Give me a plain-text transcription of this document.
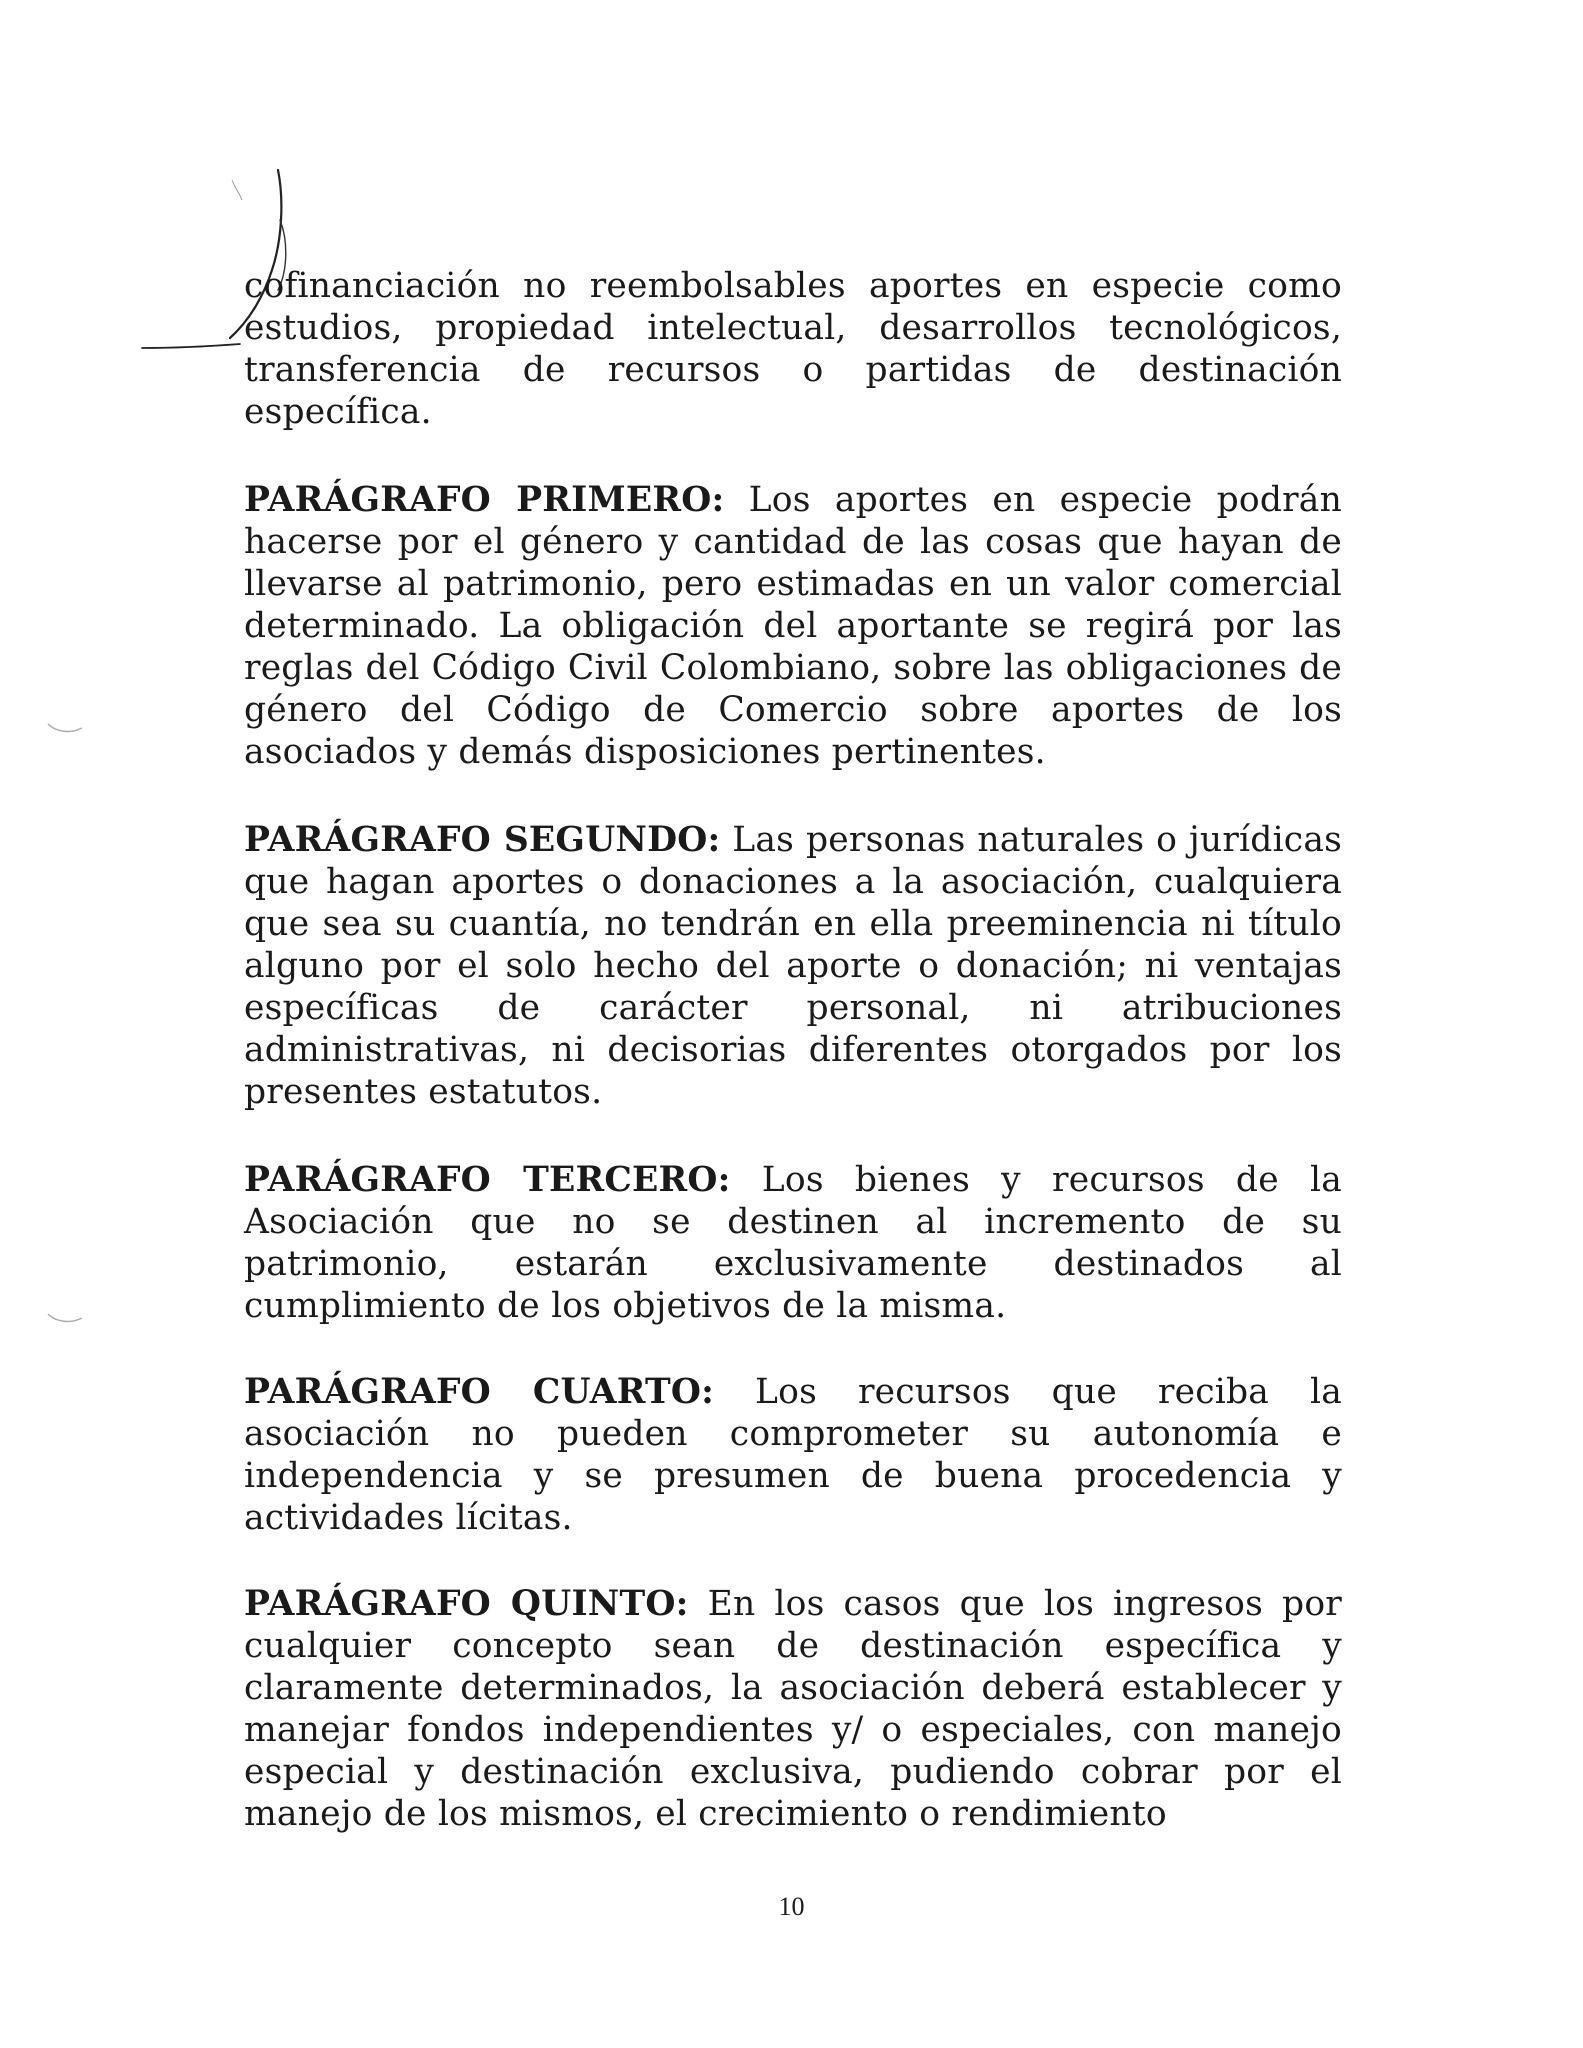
cofinanciación no reembolsables aportes en especie como estudios, propiedad intelectual, desarrollos tecnológicos, transferencia de recursos o partidas de destinación específica.

PARÁGRAFO PRIMERO: Los aportes en especie podrán hacerse por el género y cantidad de las cosas que hayan de llevarse al patrimonio, pero estimadas en un valor comercial determinado. La obligación del aportante se regirá por las reglas del Código Civil Colombiano, sobre las obligaciones de género del Código de Comercio sobre aportes de los asociados y demás disposiciones pertinentes.

PARÁGRAFO SEGUNDO: Las personas naturales o jurídicas que hagan aportes o donaciones a la asociación, cualquiera que sea su cuantía, no tendrán en ella preeminencia ni título alguno por el solo hecho del aporte o donación; ni ventajas específicas de carácter personal, ni atribuciones administrativas, ni decisorias diferentes otorgados por los presentes estatutos.

PARÁGRAFO TERCERO: Los bienes y recursos de la Asociación que no se destinen al incremento de su patrimonio, estarán exclusivamente destinados al cumplimiento de los objetivos de la misma.

PARÁGRAFO CUARTO: Los recursos que reciba la asociación no pueden comprometer su autonomía e independencia y se presumen de buena procedencia y actividades lícitas.

PARÁGRAFO QUINTO: En los casos que los ingresos por cualquier concepto sean de destinación específica y claramente determinados, la asociación deberá establecer y manejar fondos independientes y/ o especiales, con manejo especial y destinación exclusiva, pudiendo cobrar por el manejo de los mismos, el crecimiento o rendimiento

10
